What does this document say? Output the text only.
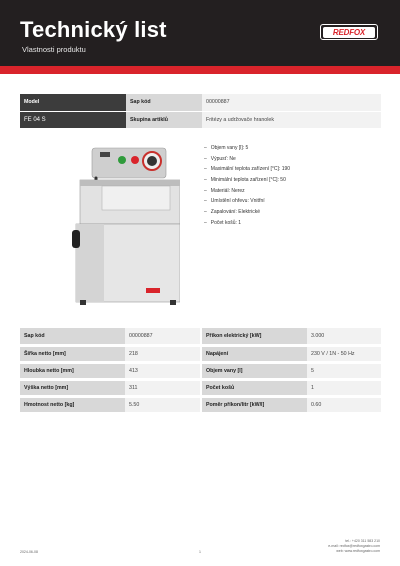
Technický list
Vlastnosti produktu
REDFOX
Model	Sap kód	00000887
FE 04 S	Skupina artiklů	Fritézy a udržovače hranolek
– Objem vany [l]: 5
– Výpusť: Ne
– Maximální teplota zařízení [°C]: 190
– Minimální teplota zařízení [°C]: 50
– Materiál: Nerez
– Umístění ohřevu: Vnitřní
– Zapalování: Elektrické
– Počet košů: 1
Sap kód	00000887	Příkon elektrický [kW]	3.000
Šířka netto [mm]	218	Napájení	230 V / 1N - 50 Hz
Hloubka netto [mm]	413	Objem vany [l]	5
Výška netto [mm]	311	Počet košů	1
Hmotnost netto [kg]	5.50	Poměr příkon/litr [kW/l]	0.60
tel.: +420 311 583 210
e-mail: redfox@redfoxgastro.com
web: www.redfoxgastro.com
2024-06-08	1
